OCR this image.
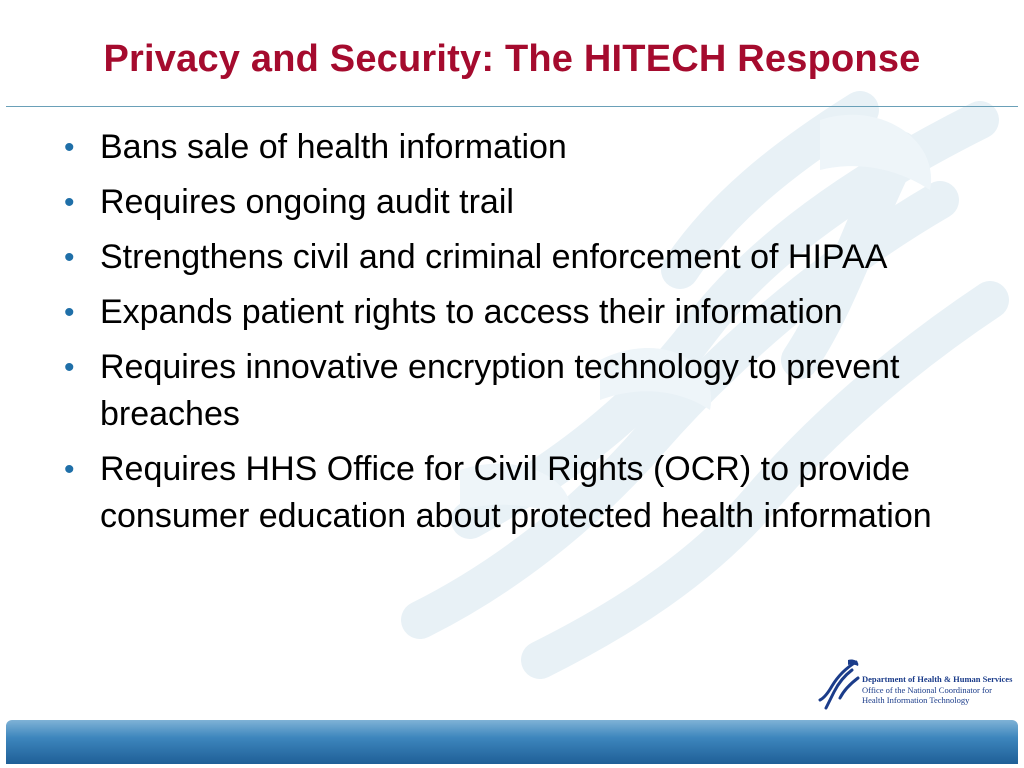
Privacy and Security: The HITECH Response
• Bans sale of health information
• Requires ongoing audit trail
• Strengthens civil and criminal enforcement of HIPAA
• Expands patient rights to access their information
• Requires innovative encryption technology to prevent breaches
• Requires HHS Office for Civil Rights (OCR) to provide consumer education about protected health information
Department of Health & Human Services
Office of the National Coordinator for
Health Information Technology
